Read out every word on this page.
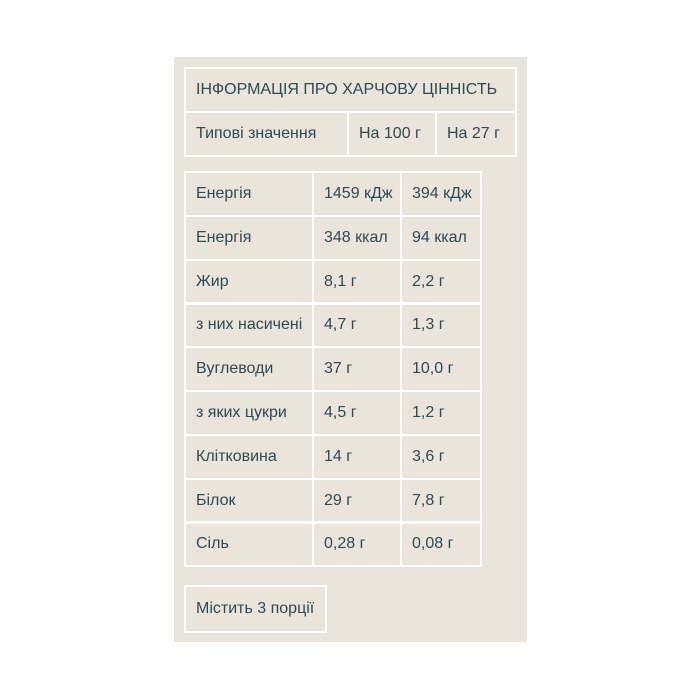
ІНФОРМАЦІЯ ПРО ХАРЧОВУ ЦІННІСТЬ
Типові значення	На 100 г	На 27 г
Енергія	1459 кДж	394 кДж
Енергія	348 ккал	94 ккал
Жир	8,1 г	2,2 г
з них насичені	4,7 г	1,3 г
Вуглеводи	37 г	10,0 г
з яких цукри	4,5 г	1,2 г
Клітковина	14 г	3,6 г
Білок	29 г	7,8 г
Сіль	0,28 г	0,08 г
Містить 3 порції
